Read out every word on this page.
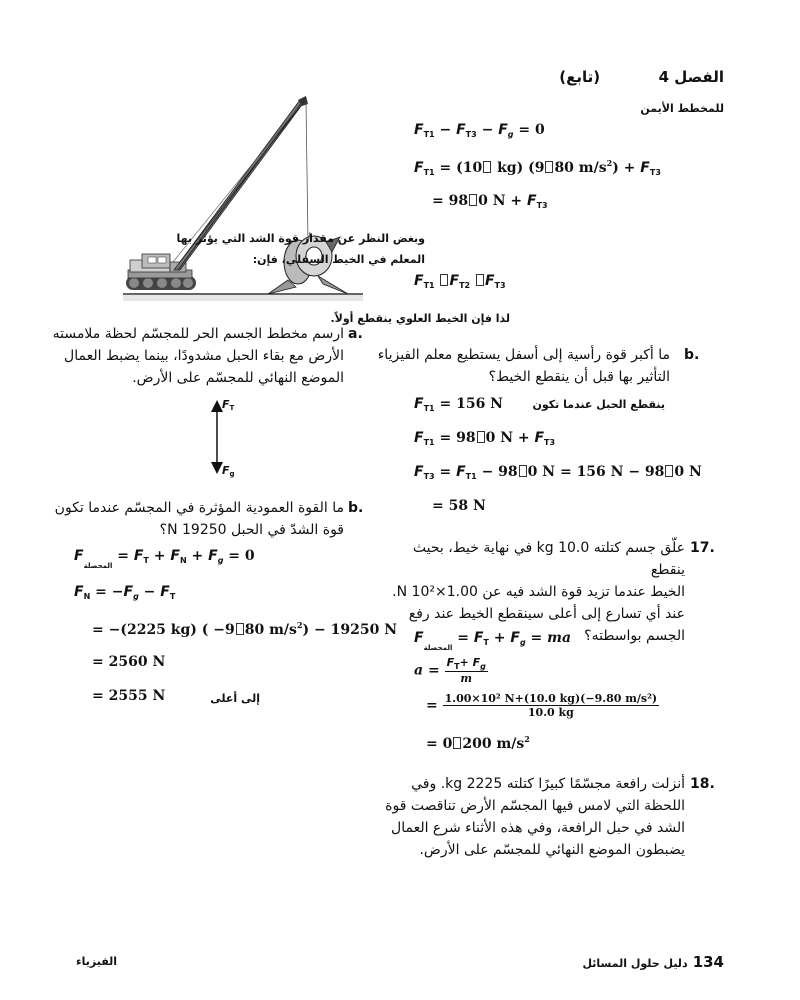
الفصل 4  (تابع)
للمخطط الأيمن
$F_{T1} - F_{T3} - F_g = 0$
$F_{T1} = (10$ kg) (9 80 $m/s^2) + F_{T3}$
= 98 0 $N + F_{T3}$
وبغض النظر عن مقدار قوة الشد التي يؤثر بها
المعلم في الخيط السفلي، فإن:
$F_{T1}$ $F_{T2}$ $F_{T3}$
لذا فإن الخيط العلوي ينقطع أولاً.
b.
ما أكبر قوة رأسية إلى أسفل يستطيع معلم الفيزياء
التأثير بها قبل أن ينقطع الخيط؟
$F_{T1} = 156$ N	ينقطع الحبل عندما تكون
$F_{T1} = 98$ 0 $N + F_{T3}$
$F_{T3} = F_{T1} - 98$ 0 N = 156 N − 98 0 N
= 58 N
17.
علّق جسم كتلته 10.0 kg في نهاية خيط، بحيث ينقطع
الخيط عندما تزيد قوة الشد فيه عن 1.00×10² N.
عند أي تسارع إلى أعلى سينقطع الخيط عند رفع
الجسم بواسطته؟
$F_{المحصلة} = F_T + F_g$ = ma
$a = \frac{F_T+ F_g}{m}$
= $\frac{\text{1.00×10² N+(10.0 kg)(−9.80 m/s²)}}{10.0 kg}$
= 0 200 $m/s^2$
18.
أنزلت رافعة مجسّمًا كبيرًا كتلته 2225 kg. وفي
اللحظة التي لامس فيها المجسّم الأرض تناقصت قوة
الشد في حبل الرافعة، وفي هذه الأثناء شرع العمال
يضبطون الموضع النهائي للمجسّم على الأرض.
a.
ارسم مخطط الجسم الحر للمجسّم لحظة ملامسته
الأرض مع بقاء الحبل مشدودًا، بينما يضبط العمال
الموضع النهائي للمجسّم على الأرض.
FT
Fg
b.
ما القوة العمودية المؤثرة في المجسّم عندما تكون
قوة الشدّ في الحبل 19250 N؟
$F_{المحصلة} = F_T + F_N + F_g = 0$
$F_N = -F_g - F_T$
= −(2225 kg) ( −9 80 $m/s^2) - 19250$ N
= 2560 N
= 2555 N	إلى أعلى
134 دليل حلول المسائل
الفيزياء
